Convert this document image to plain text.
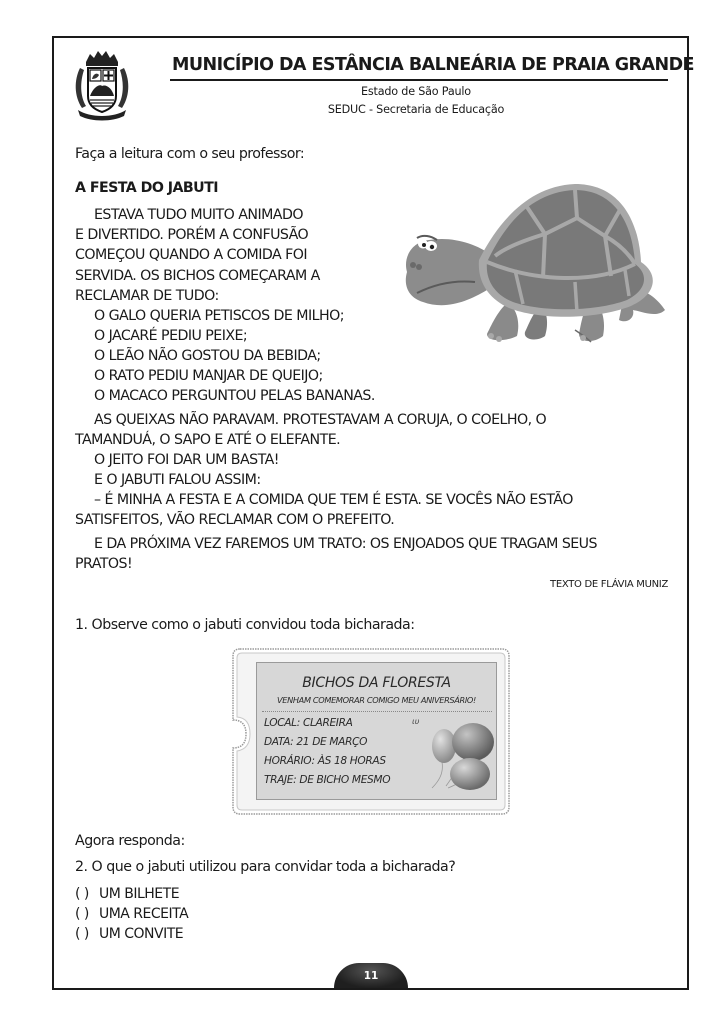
MUNICÍPIO DA ESTÂNCIA BALNEÁRIA DE PRAIA GRANDE
Estado de São Paulo
SEDUC - Secretaria de Educação
Faça a leitura com o seu professor:
A FESTA DO JABUTI
ESTAVA TUDO MUITO ANIMADO
E DIVERTIDO. PORÉM A CONFUSÃO
COMEÇOU QUANDO A COMIDA FOI
SERVIDA. OS BICHOS COMEÇARAM A
RECLAMAR DE TUDO:
O GALO QUERIA PETISCOS DE MILHO;
O JACARÉ PEDIU PEIXE;
O LEÃO NÃO GOSTOU DA BEBIDA;
O RATO PEDIU MANJAR DE QUEIJO;
O MACACO PERGUNTOU PELAS BANANAS.
AS QUEIXAS NÃO PARAVAM. PROTESTAVAM A CORUJA, O COELHO, O
TAMANDUÁ, O SAPO E ATÉ O ELEFANTE.
O JEITO FOI DAR UM BASTA!
E O JABUTI FALOU ASSIM:
– É MINHA A FESTA E A COMIDA QUE TEM É ESTA. SE VOCÊS NÃO ESTÃO
SATISFEITOS, VÃO RECLAMAR COM O PREFEITO.
E DA PRÓXIMA VEZ FAREMOS UM TRATO: OS ENJOADOS QUE TRAGAM SEUS
PRATOS!
TEXTO DE FLÁVIA MUNIZ
1. Observe como o jabuti convidou toda bicharada:
BICHOS DA FLORESTA
VENHAM COMEMORAR COMIGO MEU ANIVERSÁRIO!
LOCAL: CLAREIRA
DATA: 21 DE MARÇO
HORÁRIO: ÀS 18 HORAS
TRAJE: DE BICHO MESMO
ιυ
Agora responda:
2. O que o jabuti utilizou para convidar toda a bicharada?
( ) UM BILHETE
( ) UMA RECEITA
( ) UM CONVITE
11
